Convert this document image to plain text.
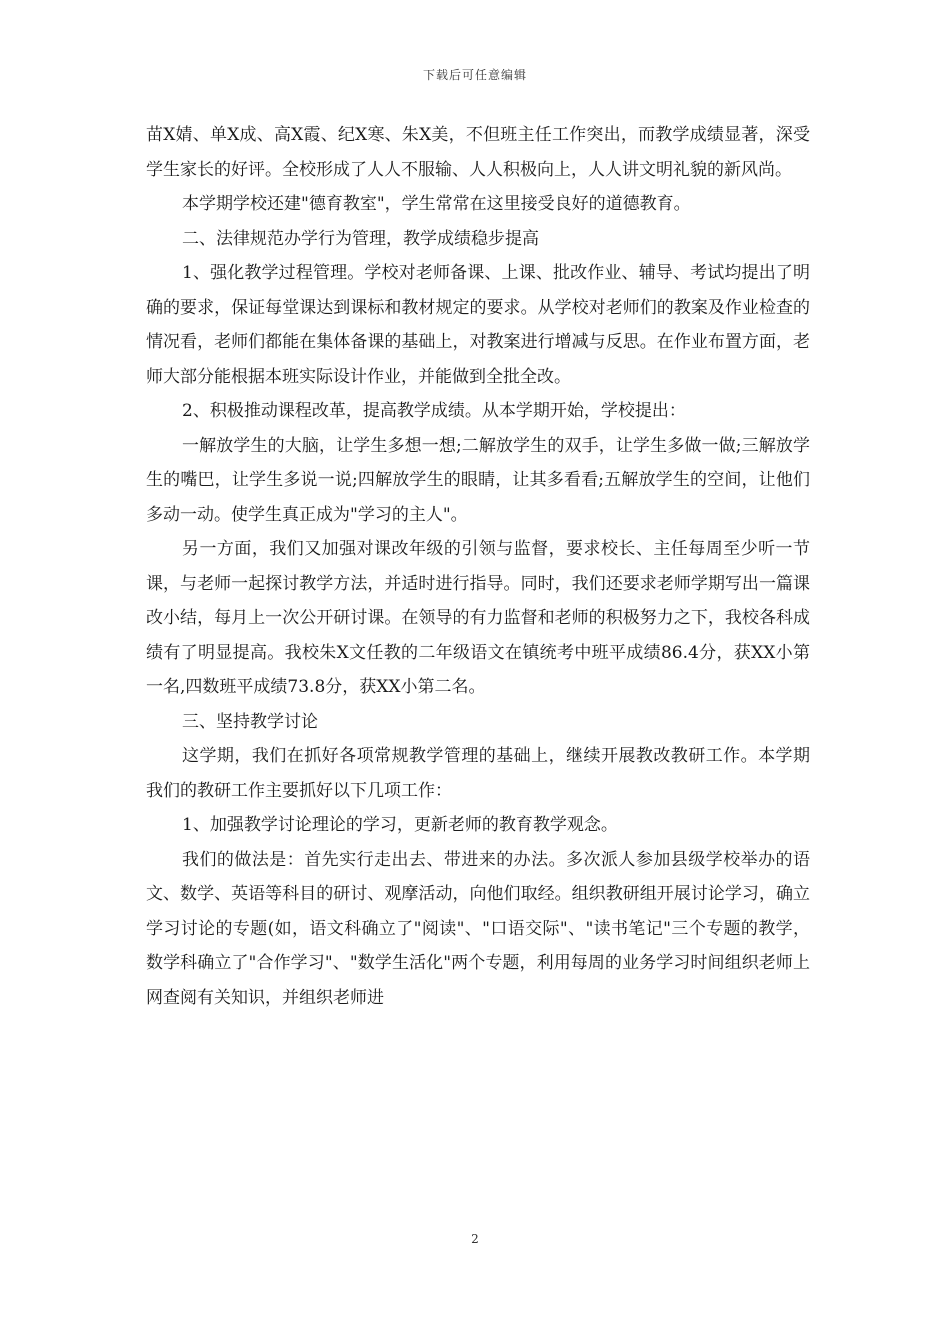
下载后可任意编辑

苗X婧、单X成、高X霞、纪X寒、朱X美，不但班主任工作突出，而教学成绩显著，深受学生家长的好评。全校形成了人人不服输、人人积极向上，人人讲文明礼貌的新风尚。

本学期学校还建"德育教室"，学生常常在这里接受良好的道德教育。

二、法律规范办学行为管理，教学成绩稳步提高

1、强化教学过程管理。学校对老师备课、上课、批改作业、辅导、考试均提出了明确的要求，保证每堂课达到课标和教材规定的要求。从学校对老师们的教案及作业检查的情况看，老师们都能在集体备课的基础上，对教案进行增减与反思。在作业布置方面，老师大部分能根据本班实际设计作业，并能做到全批全改。

2、积极推动课程改革，提高教学成绩。从本学期开始，学校提出：

一解放学生的大脑，让学生多想一想;二解放学生的双手，让学生多做一做;三解放学生的嘴巴，让学生多说一说;四解放学生的眼睛，让其多看看;五解放学生的空间，让他们多动一动。使学生真正成为"学习的主人"。

另一方面，我们又加强对课改年级的引领与监督，要求校长、主任每周至少听一节课，与老师一起探讨教学方法，并适时进行指导。同时，我们还要求老师学期写出一篇课改小结，每月上一次公开研讨课。在领导的有力监督和老师的积极努力之下，我校各科成绩有了明显提高。我校朱X文任教的二年级语文在镇统考中班平成绩86.4分，获XX小第一名,四数班平成绩73.8分，获XX小第二名。

三、坚持教学讨论

这学期，我们在抓好各项常规教学管理的基础上，继续开展教改教研工作。本学期我们的教研工作主要抓好以下几项工作：

1、加强教学讨论理论的学习，更新老师的教育教学观念。

我们的做法是：首先实行走出去、带进来的办法。多次派人参加县级学校举办的语文、数学、英语等科目的研讨、观摩活动，向他们取经。组织教研组开展讨论学习，确立学习讨论的专题(如，语文科确立了"阅读"、"口语交际"、"读书笔记"三个专题的教学，数学科确立了"合作学习"、"数学生活化"两个专题，利用每周的业务学习时间组织老师上网查阅有关知识，并组织老师进

2
